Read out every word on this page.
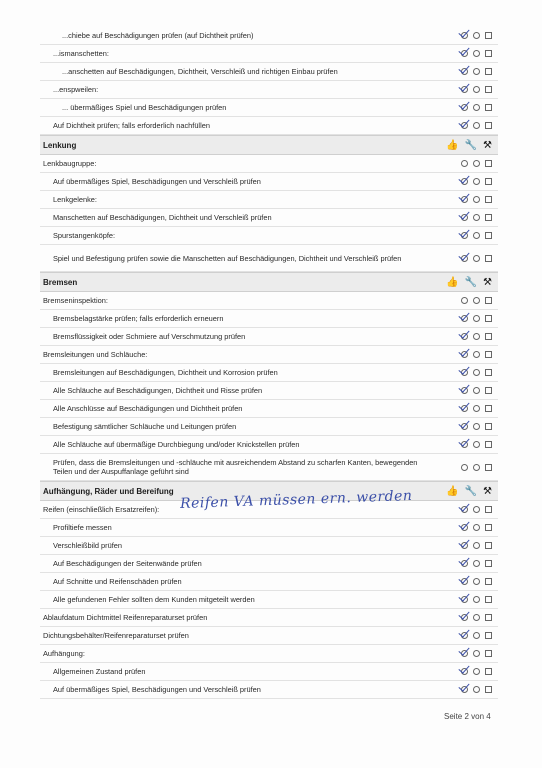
...chiebe auf Beschädigungen prüfen (auf Dichtheit prüfen)
...ismanschetten:
...anschetten auf Beschädigungen, Dichtheit, Verschleiß und richtigen Einbau prüfen
...enspweilen:
... übermäßiges Spiel und Beschädigungen prüfen
Auf Dichtheit prüfen; falls erforderlich nachfüllen
Lenkung	👍 🔧 ⚒
Lenkbaugruppe:
Auf übermäßiges Spiel, Beschädigungen und Verschleiß prüfen
Lenkgelenke:
Manschetten auf Beschädigungen, Dichtheit und Verschleiß prüfen
Spurstangenköpfe:
Spiel und Befestigung prüfen sowie die Manschetten auf Beschädigungen, Dichtheit und Verschleiß prüfen
Bremsen	👍 🔧 ⚒
Bremseninspektion:
Bremsbelagstärke prüfen; falls erforderlich erneuern
Bremsflüssigkeit oder Schmiere auf Verschmutzung prüfen
Bremsleitungen und Schläuche:
Bremsleitungen auf Beschädigungen, Dichtheit und Korrosion prüfen
Alle Schläuche auf Beschädigungen, Dichtheit und Risse prüfen
Alle Anschlüsse auf Beschädigungen und Dichtheit prüfen
Befestigung sämtlicher Schläuche und Leitungen prüfen
Alle Schläuche auf übermäßige Durchbiegung und/oder Knickstellen prüfen
Prüfen, dass die Bremsleitungen und -schläuche mit ausreichendem Abstand zu scharfen Kanten, bewegenden Teilen und der Auspuffanlage geführt sind
Aufhängung, Räder und Bereifung	👍 🔧 ⚒
Reifen (einschließlich Ersatzreifen):
Profiltiefe messen
Verschleißbild prüfen
Auf Beschädigungen der Seitenwände prüfen
Auf Schnitte und Reifenschäden prüfen
Alle gefundenen Fehler sollten dem Kunden mitgeteilt werden
Ablaufdatum Dichtmittel Reifenreparaturset prüfen
Dichtungsbehälter/Reifenreparaturset prüfen
Aufhängung:
Allgemeinen Zustand prüfen
Auf übermäßiges Spiel, Beschädigungen und Verschleiß prüfen
Reifen VA müssen ern. werden
Seite 2 von 4
